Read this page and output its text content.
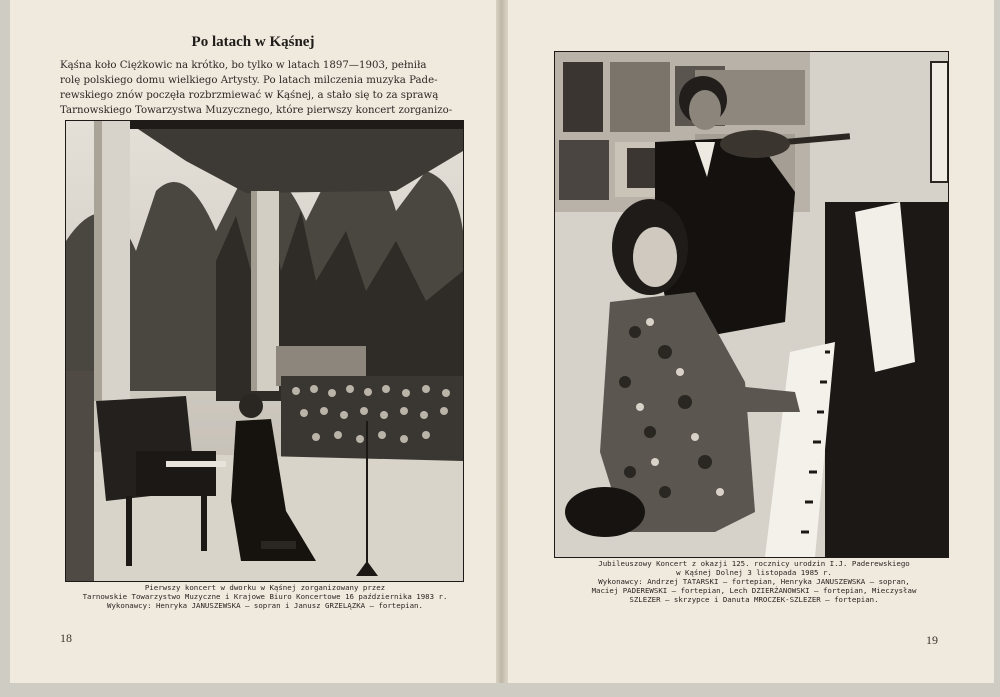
Po latach w Kąśnej
Kąśna koło Ciężkowic na krótko, bo tylko w latach 1897—1903, pełniła
rolę polskiego domu wielkiego Artysty. Po latach milczenia muzyka Pade-
rewskiego znów poczęła rozbrzmiewać w Kąśnej, a stało się to za sprawą
Tarnowskiego Towarzystwa Muzycznego, które pierwszy koncert zorganizo-
Pierwszy koncert w dworku w Kąśnej zorganizowany przez
Tarnowskie Towarzystwo Muzyczne i Krajowe Biuro Koncertowe 16 października 1983 r.
Wykonawcy: Henryka JANUSZEWSKA — sopran i Janusz GRZELĄZKA — fortepian.
18
Jubileuszowy Koncert z okazji 125. rocznicy urodzin I.J. Paderewskiego
w Kąśnej Dolnej 3 listopada 1985 r.
Wykonawcy: Andrzej TATARSKI — fortepian, Henryka JANUSZEWSKA — sopran,
Maciej PADEREWSKI — fortepian, Lech DZIERŻANOWSKI — fortepian, Mieczysław
SZLEZER — skrzypce i Danuta MROCZEK-SZLEZER — fortepian.
19
